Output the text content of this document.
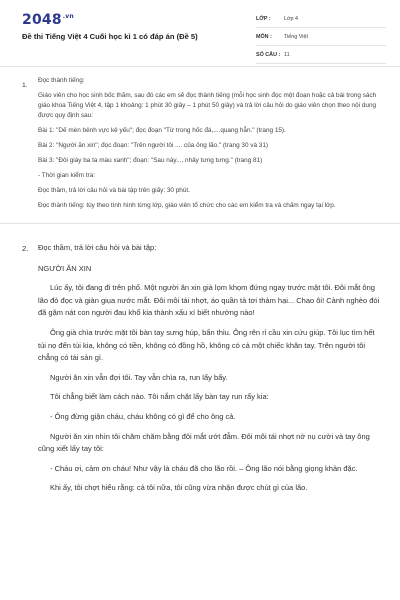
$2048^{.vn}$
Đề thi Tiếng Việt 4 Cuối học kì 1 có đáp án (Đề 5)
LỚP :	Lớp 4
MÔN :	Tiếng Việt
SỐ CÂU : 11
1.

Đọc thành tiếng:

Giáo viên cho học sinh bốc thăm, sau đó các em sẽ đọc thành tiếng (mỗi học sinh đọc một đoạn hoặc cả bài trong sách giáo khoa Tiếng Việt 4, tập 1 khoảng: 1 phút 30 giây – 1 phút 50 giây) và trả lời câu hỏi do giáo viên chọn theo nội dung được quy định sau:

Bài 1: "Dế mèn bênh vực kẻ yếu"; đọc đoạn "Từ trong hốc đá,....quang hẳn." (trang 15).

Bài 2: "Người ăn xin"; đọc đoạn: "Trên người tôi .... của ông lão." (trang 30 và 31)

Bài 3: "Đôi giày ba ta màu xanh"; đoạn: "Sau này..., nhảy tưng tưng." (trang 81)

- Thời gian kiểm tra:

Đọc thầm, trả lời câu hỏi và bài tập trên giấy: 30 phút.

Đọc thành tiếng: tùy theo tình hình từng lớp, giáo viên tổ chức cho các em kiểm tra và chấm ngay tại lớp.

2. Đọc thầm, trả lời câu hỏi và bài tập:

NGƯỜI ĂN XIN

Lúc ấy, tôi đang đi trên phố. Một người ăn xin già lọm khọm đứng ngay trước mặt tôi. Đôi mắt ông lão đỏ đọc và giàn giụa nước mắt. Đôi môi tái nhợt, áo quần tả tơi thảm hại... Chao ôi! Cảnh nghèo đói đã gặm nát con người đau khổ kia thành xấu xí biết nhường nào!

Ông già chìa trước mặt tôi bàn tay sưng húp, bẩn thỉu. Ông rên rỉ cầu xin cứu giúp. Tôi lục tìm hết túi nọ đến túi kia, không có tiền, không có đồng hồ, không có cả một chiếc khăn tay. Trên người tôi chẳng có tài sản gì.

Người ăn xin vẫn đợi tôi. Tay vẫn chìa ra, run lẩy bẩy.

Tôi chẳng biết làm cách nào. Tôi nắm chặt lấy bàn tay run rẩy kia:

- Ông đừng giận cháu, cháu không có gì để cho ông cả.

Người ăn xin nhìn tôi chăm chăm bằng đôi mắt ướt đẫm. Đôi môi tái nhợt nở nụ cười và tay ông cũng xiết lấy tay tôi:

- Cháu ơi, cảm ơn cháu! Như vậy là cháu đã cho lão rồi. – Ông lão nói bằng giọng khản đặc.

Khi ấy, tôi chợt hiểu rằng: cả tôi nữa, tôi cũng vừa nhận được chút gì của lão.
